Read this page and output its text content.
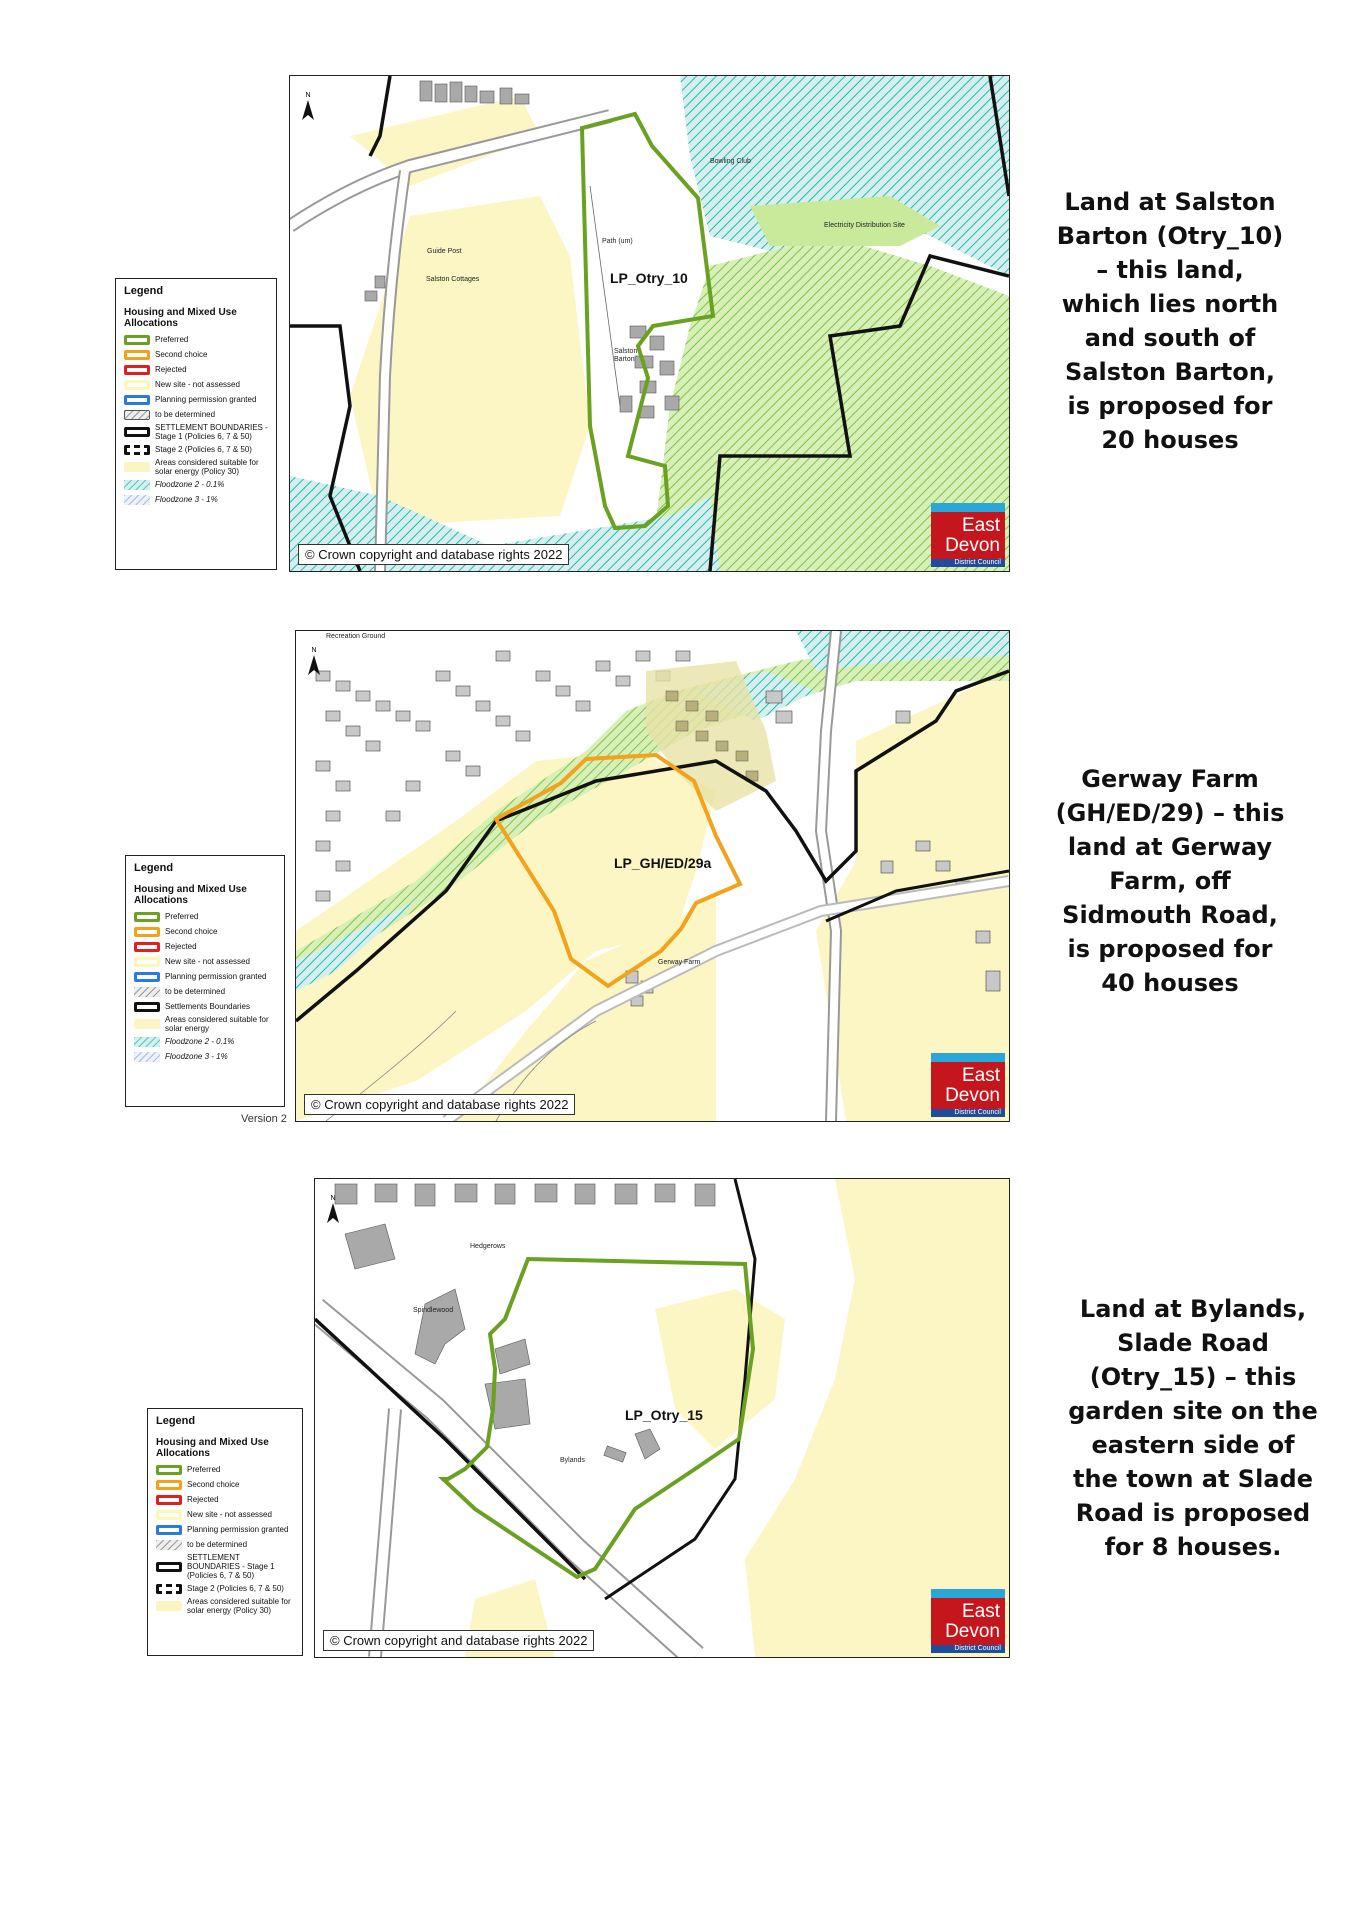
N
LP_Otry_10
Guide Post
Salston Cottages
Path (um)
Bowling Club
Electricity Distribution Site
Salston
Barton
© Crown copyright and database rights 2022
East
Devon
District Council
Legend
Housing and Mixed Use Allocations
Preferred
Second choice
Rejected
New site - not assessed
Planning permission granted
to be determined
SETTLEMENT BOUNDARIES - Stage 1 (Policies 6, 7 & 50)
Stage 2 (Policies 6, 7 & 50)
Areas considered suitable for solar energy (Policy 30)
Floodzone 2 - 0.1%
Floodzone 3 - 1%
Land at Salston Barton (Otry_10) – this land, which lies north and south of Salston Barton, is proposed for 20 houses
N
LP_GH/ED/29a
Recreation Ground
Gerway Farm
© Crown copyright and database rights 2022
East
Devon
District Council
Legend
Housing and Mixed Use Allocations
Preferred
Second choice
Rejected
New site - not assessed
Planning permission granted
to be determined
Settlements Boundaries
Areas considered suitable for solar energy
Floodzone 2 - 0.1%
Floodzone 3 - 1%
Version 2
Gerway Farm (GH/ED/29) – this land at Gerway Farm, off Sidmouth Road, is proposed for 40 houses
N
LP_Otry_15
Hedgerows
Spindlewood
Bylands
© Crown copyright and database rights 2022
East
Devon
District Council
Legend
Housing and Mixed Use Allocations
Preferred
Second choice
Rejected
New site - not assessed
Planning permission granted
to be determined
SETTLEMENT BOUNDARIES - Stage 1 (Policies 6, 7 & 50)
Stage 2 (Policies 6, 7 & 50)
Areas considered suitable for solar energy (Policy 30)
Land at Bylands, Slade Road (Otry_15) – this garden site on the eastern side of the town at Slade Road is proposed for 8 houses.
